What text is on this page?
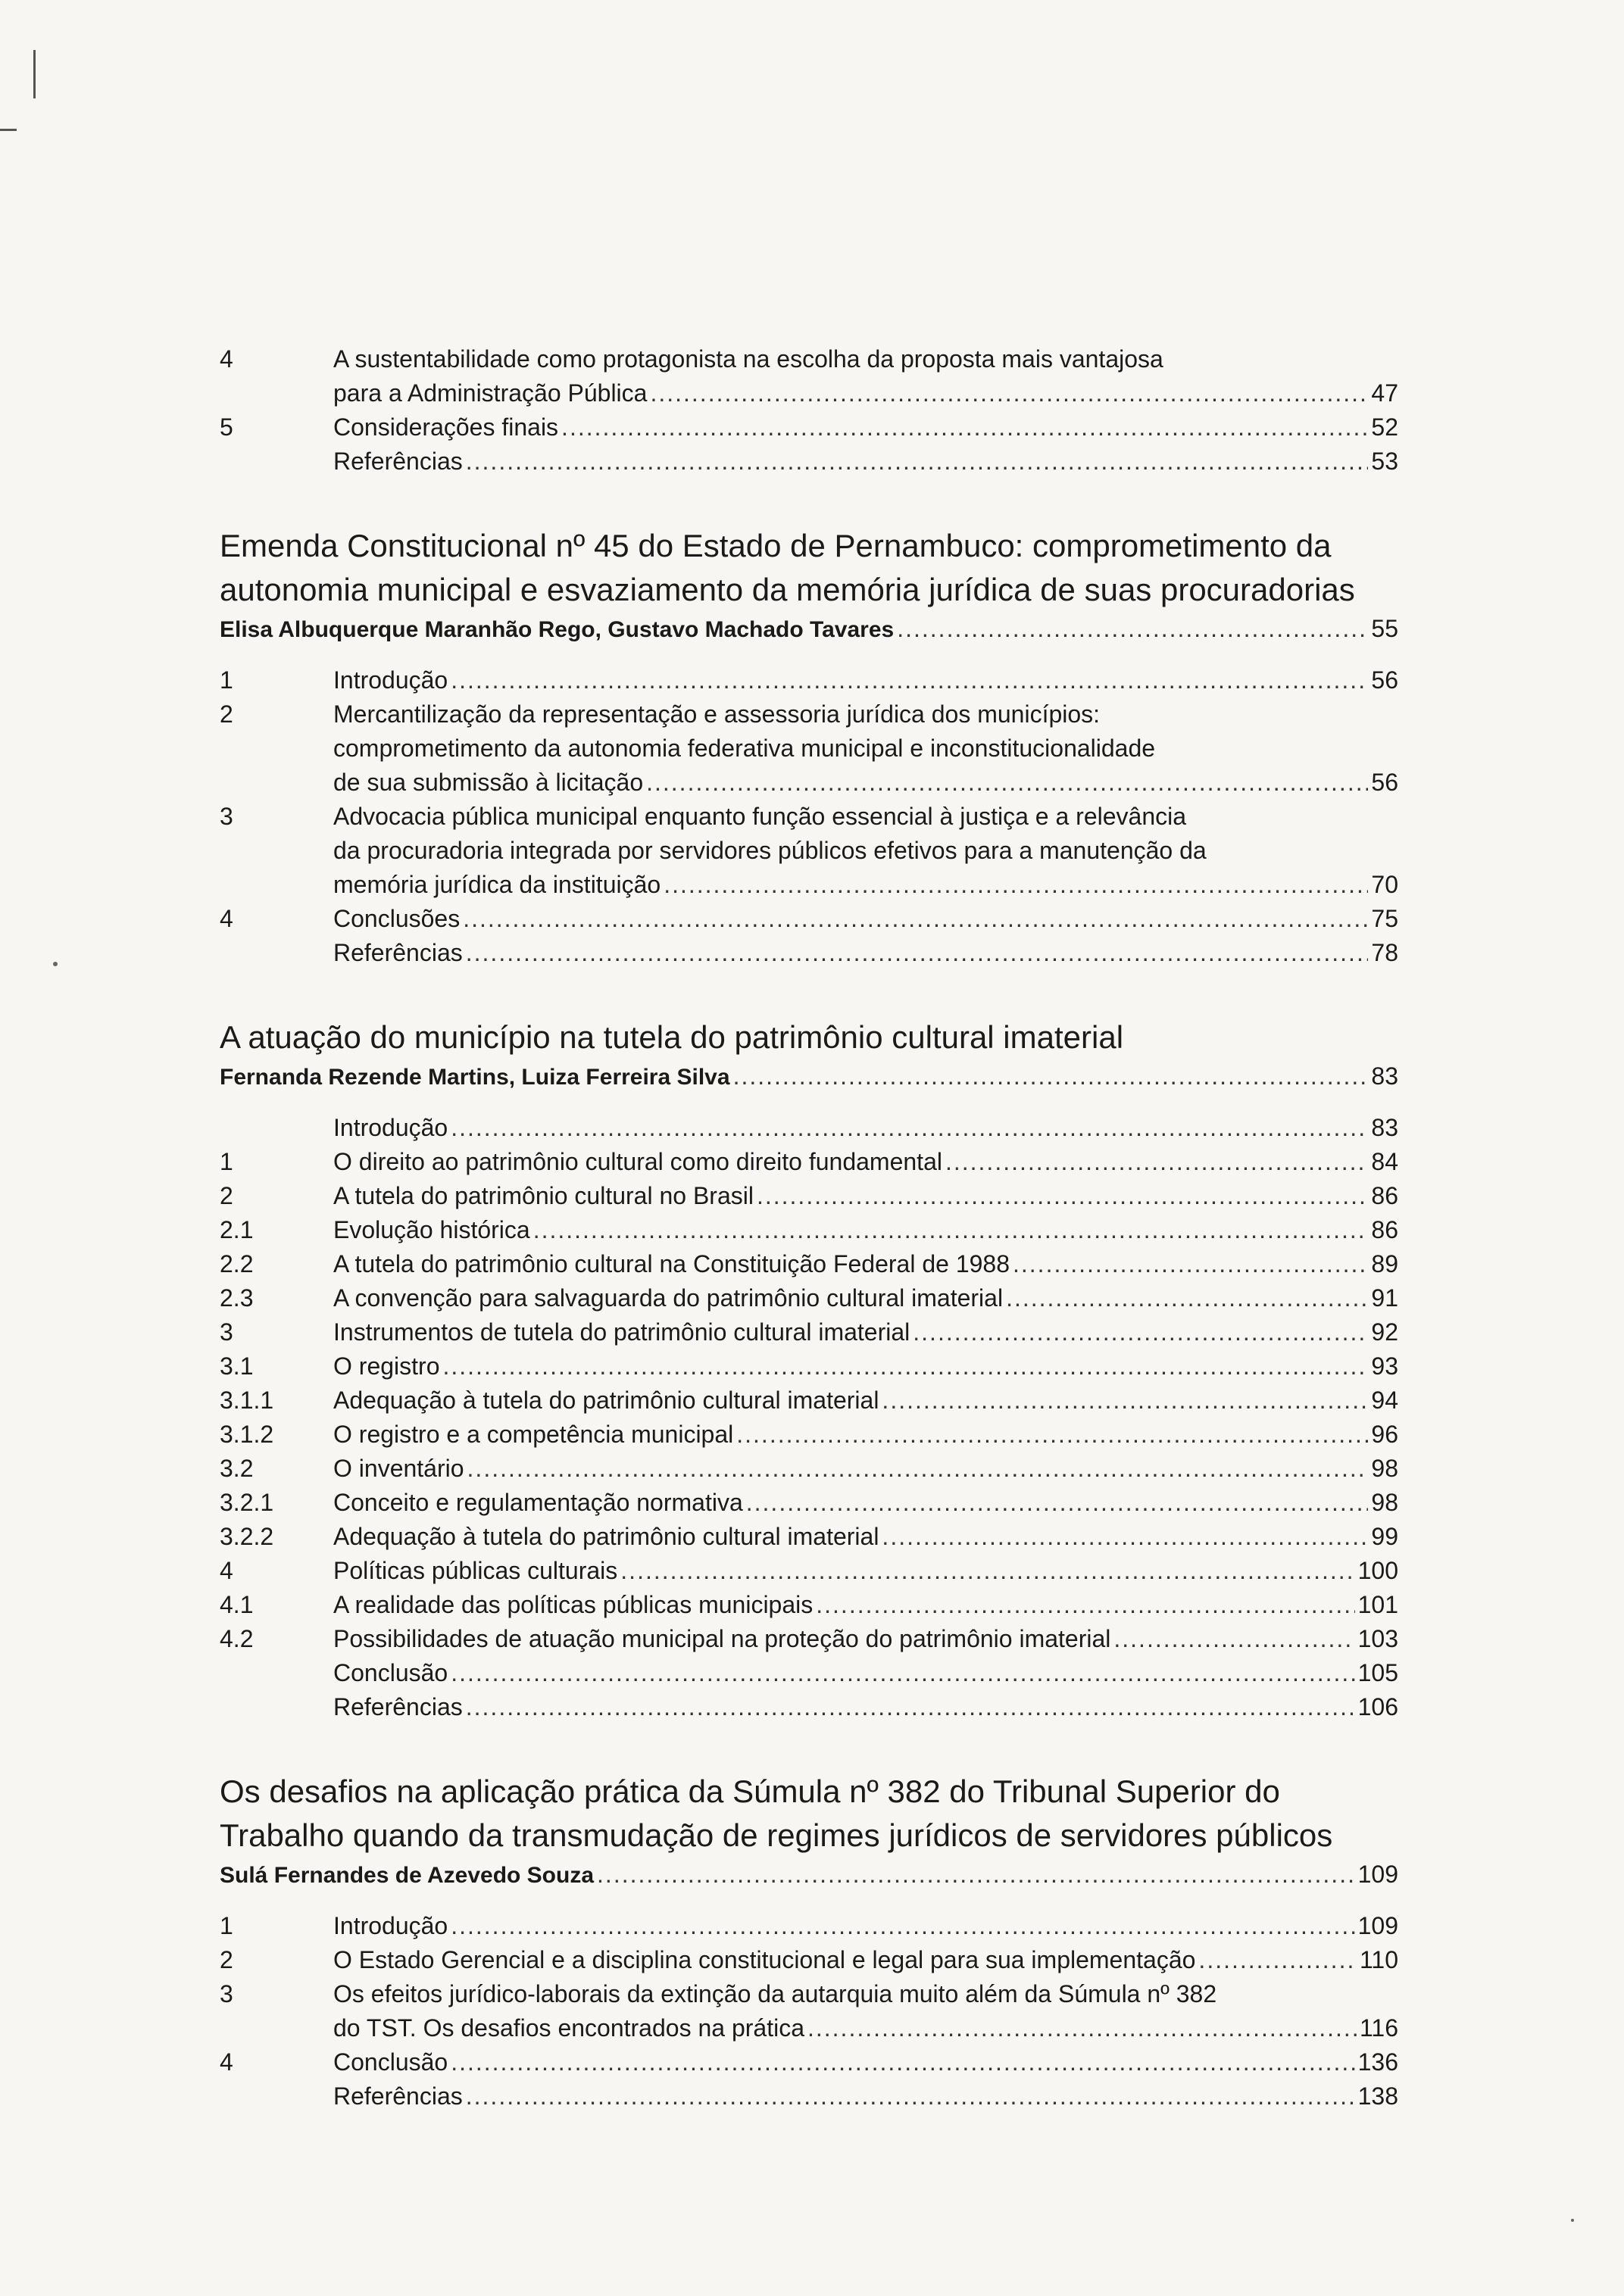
4	A sustentabilidade como protagonista na escolha da proposta mais vantajosa
para a Administração Pública .....	47
5	Considerações finais .....	52
Referências .....	53
Emenda Constitucional nº 45 do Estado de Pernambuco: comprometimento da
autonomia municipal e esvaziamento da memória jurídica de suas procuradorias
Elisa Albuquerque Maranhão Rego, Gustavo Machado Tavares .....	55
1	Introdução .....	56
2	Mercantilização da representação e assessoria jurídica dos municípios:
comprometimento da autonomia federativa municipal e inconstitucionalidade
de sua submissão à licitação .....	56
3	Advocacia pública municipal enquanto função essencial à justiça e a relevância
da procuradoria integrada por servidores públicos efetivos para a manutenção da
memória jurídica da instituição .....	70
4	Conclusões .....	75
Referências .....	78
A atuação do município na tutela do patrimônio cultural imaterial
Fernanda Rezende Martins, Luiza Ferreira Silva .....	83
Introdução .....	83
1	O direito ao patrimônio cultural como direito fundamental .....	84
2	A tutela do patrimônio cultural no Brasil .....	86
2.1	Evolução histórica .....	86
2.2	A tutela do patrimônio cultural na Constituição Federal de 1988 .....	89
2.3	A convenção para salvaguarda do patrimônio cultural imaterial .....	91
3	Instrumentos de tutela do patrimônio cultural imaterial .....	92
3.1	O registro .....	93
3.1.1	Adequação à tutela do patrimônio cultural imaterial .....	94
3.1.2	O registro e a competência municipal .....	96
3.2	O inventário .....	98
3.2.1	Conceito e regulamentação normativa .....	98
3.2.2	Adequação à tutela do patrimônio cultural imaterial .....	99
4	Políticas públicas culturais .....	100
4.1	A realidade das políticas públicas municipais .....	101
4.2	Possibilidades de atuação municipal na proteção do patrimônio imaterial .....	103
Conclusão .....	105
Referências .....	106
Os desafios na aplicação prática da Súmula nº 382 do Tribunal Superior do
Trabalho quando da transmudação de regimes jurídicos de servidores públicos
Sulá Fernandes de Azevedo Souza .....	109
1	Introdução .....	109
2	O Estado Gerencial e a disciplina constitucional e legal para sua implementação .....	110
3	Os efeitos jurídico-laborais da extinção da autarquia muito além da Súmula nº 382
do TST. Os desafios encontrados na prática .....	116
4	Conclusão .....	136
Referências .....	138
